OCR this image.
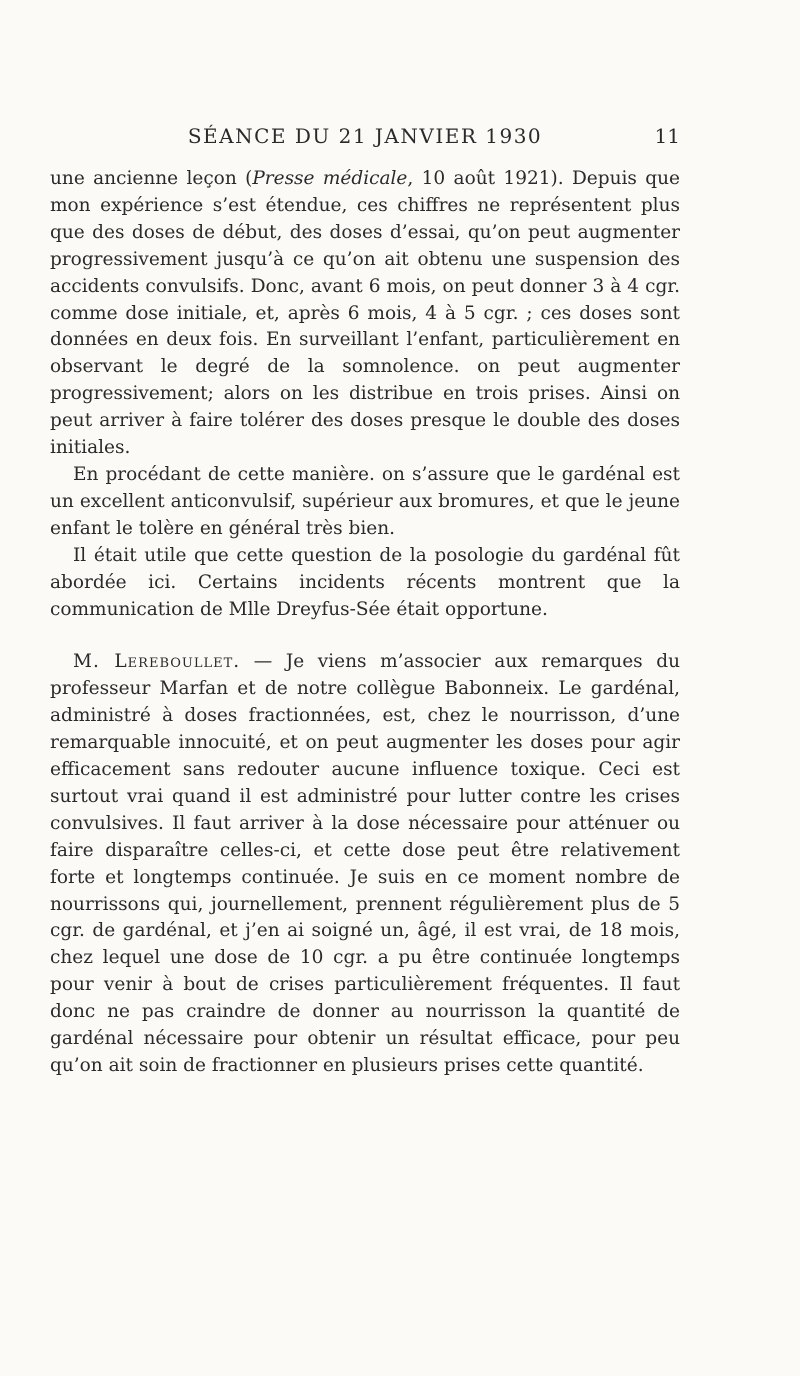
SÉANCE DU 21 JANVIER 1930	11

une ancienne leçon (Presse médicale, 10 août 1921). Depuis que mon expérience s’est étendue, ces chiffres ne représentent plus que des doses de début, des doses d’essai, qu’on peut augmenter progressivement jusqu’à ce qu’on ait obtenu une suspension des accidents convulsifs. Donc, avant 6 mois, on peut donner 3 à 4 cgr. comme dose initiale, et, après 6 mois, 4 à 5 cgr. ; ces doses sont données en deux fois. En surveillant l’enfant, particulièrement en observant le degré de la somnolence. on peut augmenter progressivement; alors on les distribue en trois prises. Ainsi on peut arriver à faire tolérer des doses presque le double des doses initiales.

En procédant de cette manière. on s’assure que le gardénal est un excellent anticonvulsif, supérieur aux bromures, et que le jeune enfant le tolère en général très bien.

Il était utile que cette question de la posologie du gardénal fût abordée ici. Certains incidents récents montrent que la communication de Mlle Dreyfus-Sée était opportune.

M. Lereboullet. — Je viens m’associer aux remarques du professeur Marfan et de notre collègue Babonneix. Le gardénal, administré à doses fractionnées, est, chez le nourrisson, d’une remarquable innocuité, et on peut augmenter les doses pour agir efficacement sans redouter aucune influence toxique. Ceci est surtout vrai quand il est administré pour lutter contre les crises convulsives. Il faut arriver à la dose nécessaire pour atténuer ou faire disparaître celles-ci, et cette dose peut être relativement forte et longtemps continuée. Je suis en ce moment nombre de nourrissons qui, journellement, prennent régulièrement plus de 5 cgr. de gardénal, et j’en ai soigné un, âgé, il est vrai, de 18 mois, chez lequel une dose de 10 cgr. a pu être continuée longtemps pour venir à bout de crises particulièrement fréquentes. Il faut donc ne pas craindre de donner au nourrisson la quantité de gardénal nécessaire pour obtenir un résultat efficace, pour peu qu’on ait soin de fractionner en plusieurs prises cette quantité.
